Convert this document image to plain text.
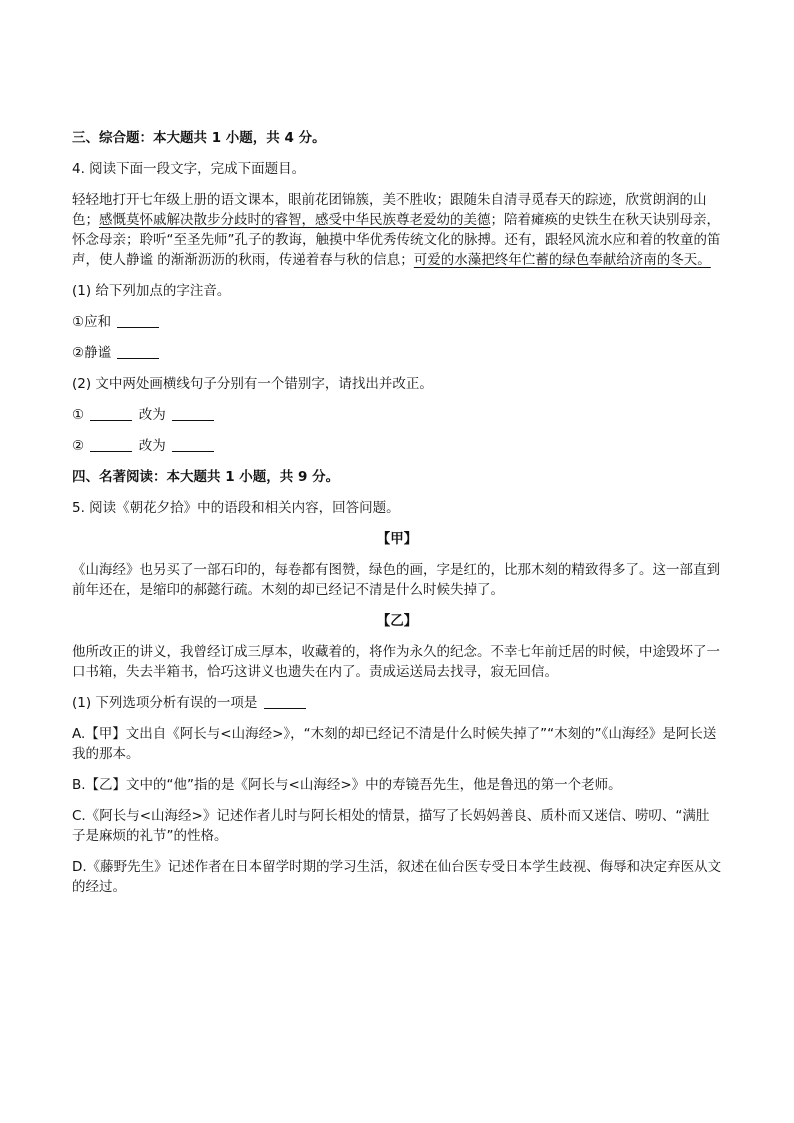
三、综合题：本大题共 1 小题，共 4 分。
4. 阅读下面一段文字，完成下面题目。
轻轻地打开七年级上册的语文课本，眼前花团锦簇，美不胜收；跟随朱自清寻觅春天的踪迹，欣赏朗润的山色；感慨莫怀戚解决散步分歧时的睿智，感受中华民族尊老爱幼的美德；陪着瘫痪的史铁生在秋天诀别母亲，怀念母亲；聆听“至圣先师”孔子的教诲，触摸中华优秀传统文化的脉搏。还有，跟轻风流水应和着的牧童的笛声，使人静谧 的渐渐沥沥的秋雨，传递着春与秋的信息；可爱的水藻把终年伫蓄的绿色奉献给济南的冬天。
(1) 给下列加点的字注音。
①应和
②静谧
(2) 文中两处画横线句子分别有一个错别字，请找出并改正。
①	改为
②	改为
四、名著阅读：本大题共 1 小题，共 9 分。
5. 阅读《朝花夕拾》中的语段和相关内容，回答问题。
【甲】
《山海经》也另买了一部石印的，每卷都有图赞，绿色的画，字是红的，比那木刻的精致得多了。这一部直到前年还在，是缩印的郝懿行疏。木刻的却已经记不清是什么时候失掉了。
【乙】
他所改正的讲义，我曾经订成三厚本，收藏着的，将作为永久的纪念。不幸七年前迁居的时候，中途毁坏了一口书箱，失去半箱书，恰巧这讲义也遗失在内了。责成运送局去找寻，寂无回信。
(1) 下列选项分析有误的一项是
A.【甲】文出自《阿长与<山海经>》，“木刻的却已经记不清是什么时候失掉了”“木刻的”《山海经》是阿长送我的那本。
B.【乙】文中的“他”指的是《阿长与<山海经>》中的寿镜吾先生，他是鲁迅的第一个老师。
C.《阿长与<山海经>》记述作者儿时与阿长相处的情景，描写了长妈妈善良、质朴而又迷信、唠叨、“满肚子是麻烦的礼节”的性格。
D.《藤野先生》记述作者在日本留学时期的学习生活，叙述在仙台医专受日本学生歧视、侮辱和决定弃医从文的经过。
